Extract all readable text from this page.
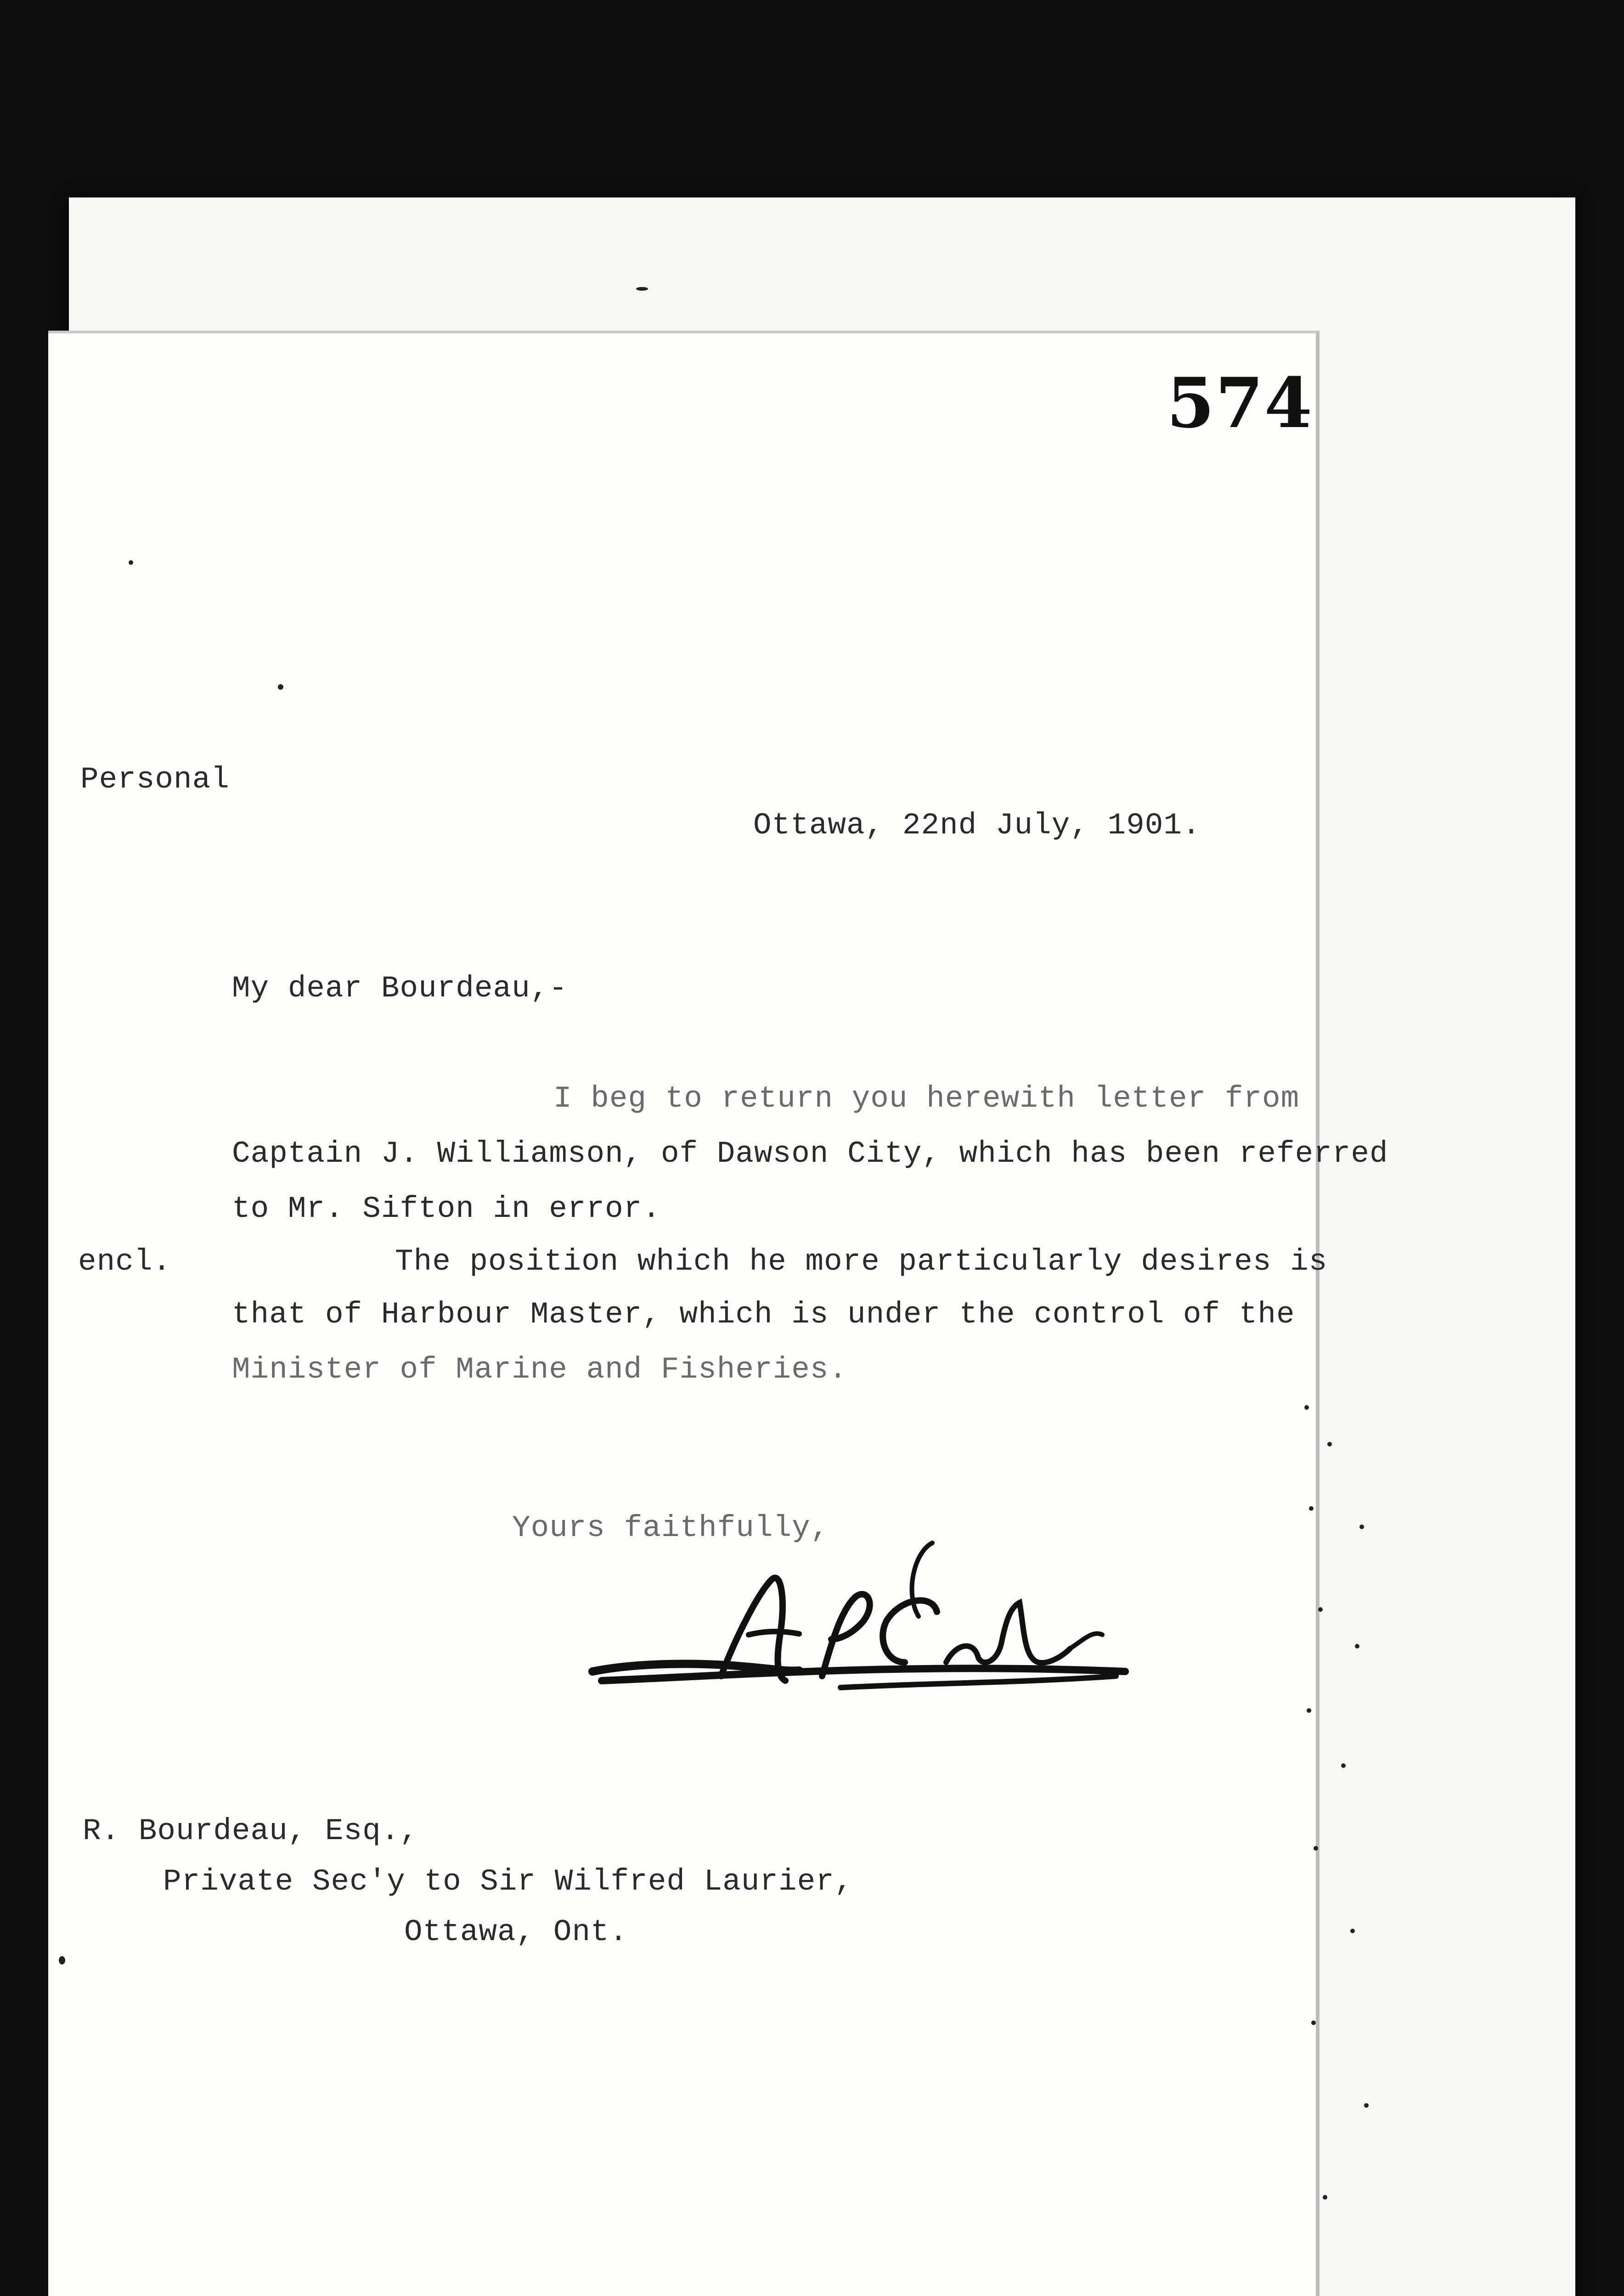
574
Personal
Ottawa, 22nd July, 1901.
My dear Bourdeau,-
I beg to return you herewith letter from
Captain J. Williamson, of Dawson City, which has been referred
to Mr. Sifton in error.
encl.	The position which he more particularly desires is
that of Harbour Master, which is under the control of the
Minister of Marine and Fisheries.
Yours faithfully,
R. Bourdeau, Esq.,
Private Sec'y to Sir Wilfred Laurier,
Ottawa, Ont.
